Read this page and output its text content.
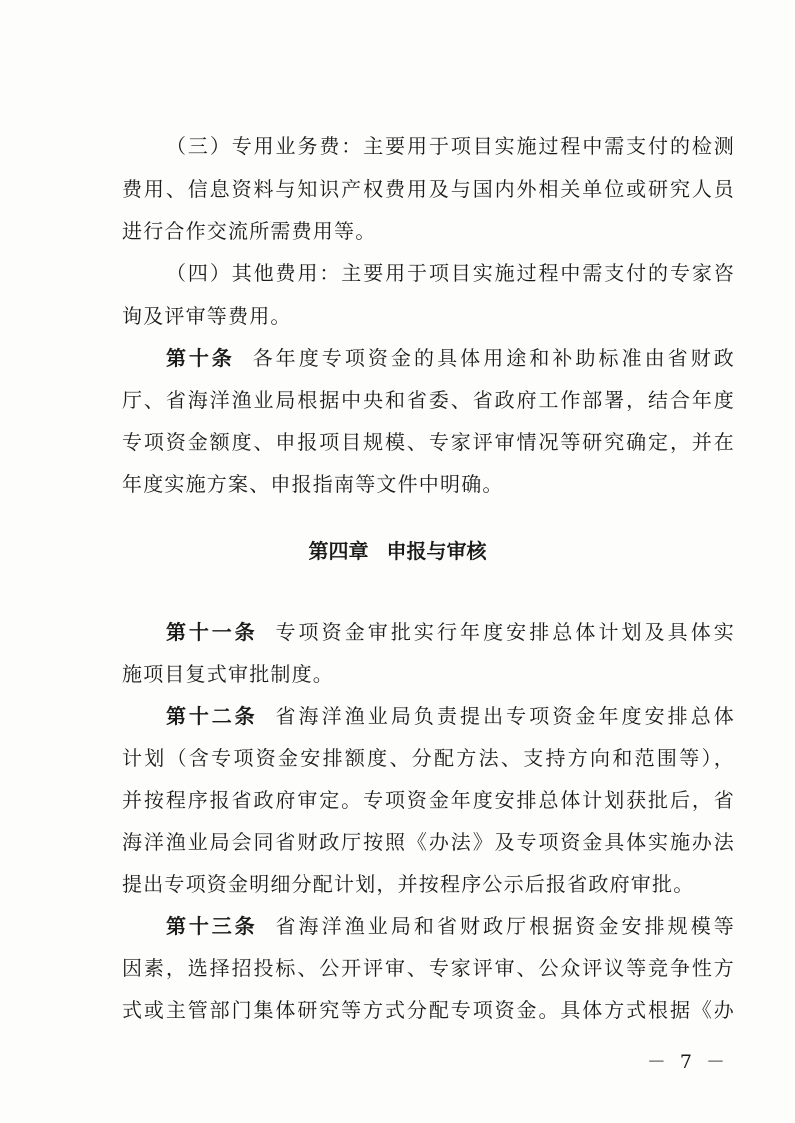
（三）专用业务费：主要用于项目实施过程中需支付的检测
费用、信息资料与知识产权费用及与国内外相关单位或研究人员
进行合作交流所需费用等。
（四）其他费用：主要用于项目实施过程中需支付的专家咨
询及评审等费用。
第十条 各年度专项资金的具体用途和补助标准由省财政
厅、省海洋渔业局根据中央和省委、省政府工作部署，结合年度
专项资金额度、申报项目规模、专家评审情况等研究确定，并在
年度实施方案、申报指南等文件中明确。
第四章 申报与审核
第十一条 专项资金审批实行年度安排总体计划及具体实
施项目复式审批制度。
第十二条 省海洋渔业局负责提出专项资金年度安排总体
计划（含专项资金安排额度、分配方法、支持方向和范围等），
并按程序报省政府审定。专项资金年度安排总体计划获批后，省
海洋渔业局会同省财政厅按照《办法》及专项资金具体实施办法
提出专项资金明细分配计划，并按程序公示后报省政府审批。
第十三条 省海洋渔业局和省财政厅根据资金安排规模等
因素，选择招投标、公开评审、专家评审、公众评议等竞争性方
式或主管部门集体研究等方式分配专项资金。具体方式根据《办
－ 7 －
